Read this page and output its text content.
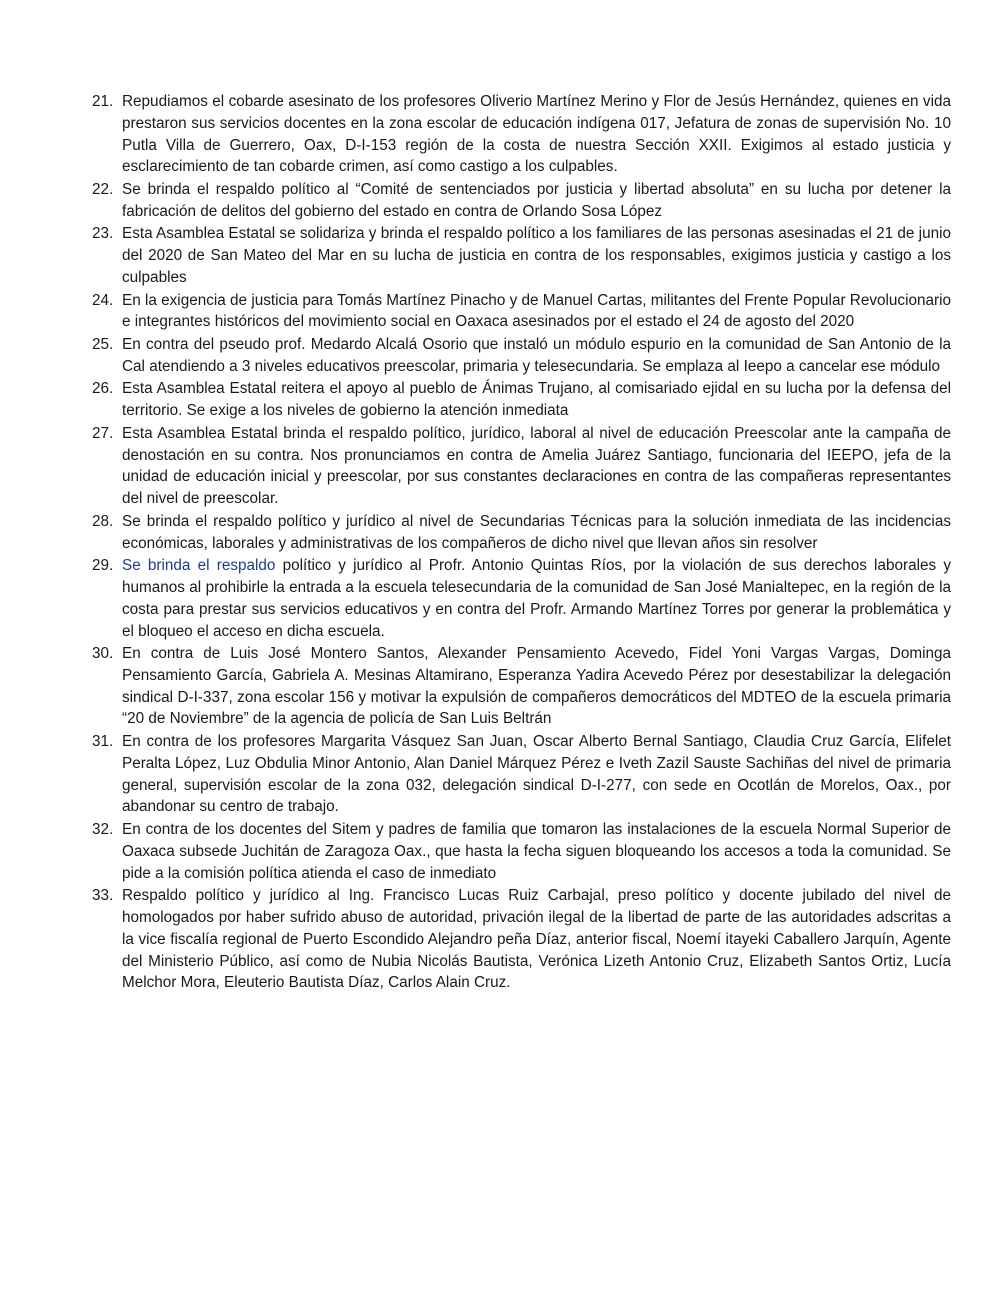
21. Repudiamos el cobarde asesinato de los profesores Oliverio Martínez Merino y Flor de Jesús Hernández, quienes en vida prestaron sus servicios docentes en la zona escolar de educación indígena 017, Jefatura de zonas de supervisión No. 10 Putla Villa de Guerrero, Oax, D-I-153 región de la costa de nuestra Sección XXII. Exigimos al estado justicia y esclarecimiento de tan cobarde crimen, así como castigo a los culpables.
22. Se brinda el respaldo político al “Comité de sentenciados por justicia y libertad absoluta” en su lucha por detener la fabricación de delitos del gobierno del estado en contra de Orlando Sosa López
23. Esta Asamblea Estatal se solidariza y brinda el respaldo político a los familiares de las personas asesinadas el 21 de junio del 2020 de San Mateo del Mar en su lucha de justicia en contra de los responsables, exigimos justicia y castigo a los culpables
24. En la exigencia de justicia para Tomás Martínez Pinacho y de Manuel Cartas, militantes del Frente Popular Revolucionario e integrantes históricos del movimiento social en Oaxaca asesinados por el estado el 24 de agosto del 2020
25. En contra del pseudo prof. Medardo Alcalá Osorio que instaló un módulo espurio en la comunidad de San Antonio de la Cal atendiendo a 3 niveles educativos preescolar, primaria y telesecundaria. Se emplaza al Ieepo a cancelar ese módulo
26. Esta Asamblea Estatal reitera el apoyo al pueblo de Ánimas Trujano, al comisariado ejidal en su lucha por la defensa del territorio. Se exige a los niveles de gobierno la atención inmediata
27. Esta Asamblea Estatal brinda el respaldo político, jurídico, laboral al nivel de educación Preescolar ante la campaña de denostación en su contra. Nos pronunciamos en contra de Amelia Juárez Santiago, funcionaria del IEEPO, jefa de la unidad de educación inicial y preescolar, por sus constantes declaraciones en contra de las compañeras representantes del nivel de preescolar.
28. Se brinda el respaldo político y jurídico al nivel de Secundarias Técnicas para la solución inmediata de las incidencias económicas, laborales y administrativas de los compañeros de dicho nivel que llevan años sin resolver
29. Se brinda el respaldo político y jurídico al Profr. Antonio Quintas Ríos, por la violación de sus derechos laborales y humanos al prohibirle la entrada a la escuela telesecundaria de la comunidad de San José Manialtepec, en la región de la costa para prestar sus servicios educativos y en contra del Profr. Armando Martínez Torres por generar la problemática y el bloqueo el acceso en dicha escuela.
30. En contra de Luis José Montero Santos, Alexander Pensamiento Acevedo, Fidel Yoni Vargas Vargas, Dominga Pensamiento García, Gabriela A. Mesinas Altamirano, Esperanza Yadira Acevedo Pérez por desestabilizar la delegación sindical D-I-337, zona escolar 156 y motivar la expulsión de compañeros democráticos del MDTEO de la escuela primaria “20 de Noviembre” de la agencia de policía de San Luis Beltrán
31. En contra de los profesores Margarita Vásquez San Juan, Oscar Alberto Bernal Santiago, Claudia Cruz García, Elifelet Peralta López, Luz Obdulia Minor Antonio, Alan Daniel Márquez Pérez e Iveth Zazil Sauste Sachiñas del nivel de primaria general, supervisión escolar de la zona 032, delegación sindical D-I-277, con sede en Ocotlán de Morelos, Oax., por abandonar su centro de trabajo.
32. En contra de los docentes del Sitem y padres de familia que tomaron las instalaciones de la escuela Normal Superior de Oaxaca subsede Juchitán de Zaragoza Oax., que hasta la fecha siguen bloqueando los accesos a toda la comunidad. Se pide a la comisión política atienda el caso de inmediato
33. Respaldo político y jurídico al Ing. Francisco Lucas Ruiz Carbajal, preso político y docente jubilado del nivel de homologados por haber sufrido abuso de autoridad, privación ilegal de la libertad de parte de las autoridades adscritas a la vice fiscalía regional de Puerto Escondido Alejandro peña Díaz, anterior fiscal, Noemí itayeki Caballero Jarquín, Agente del Ministerio Público, así como de Nubia Nicolás Bautista, Verónica Lizeth Antonio Cruz, Elizabeth Santos Ortiz, Lucía Melchor Mora, Eleuterio Bautista Díaz, Carlos Alain Cruz.
